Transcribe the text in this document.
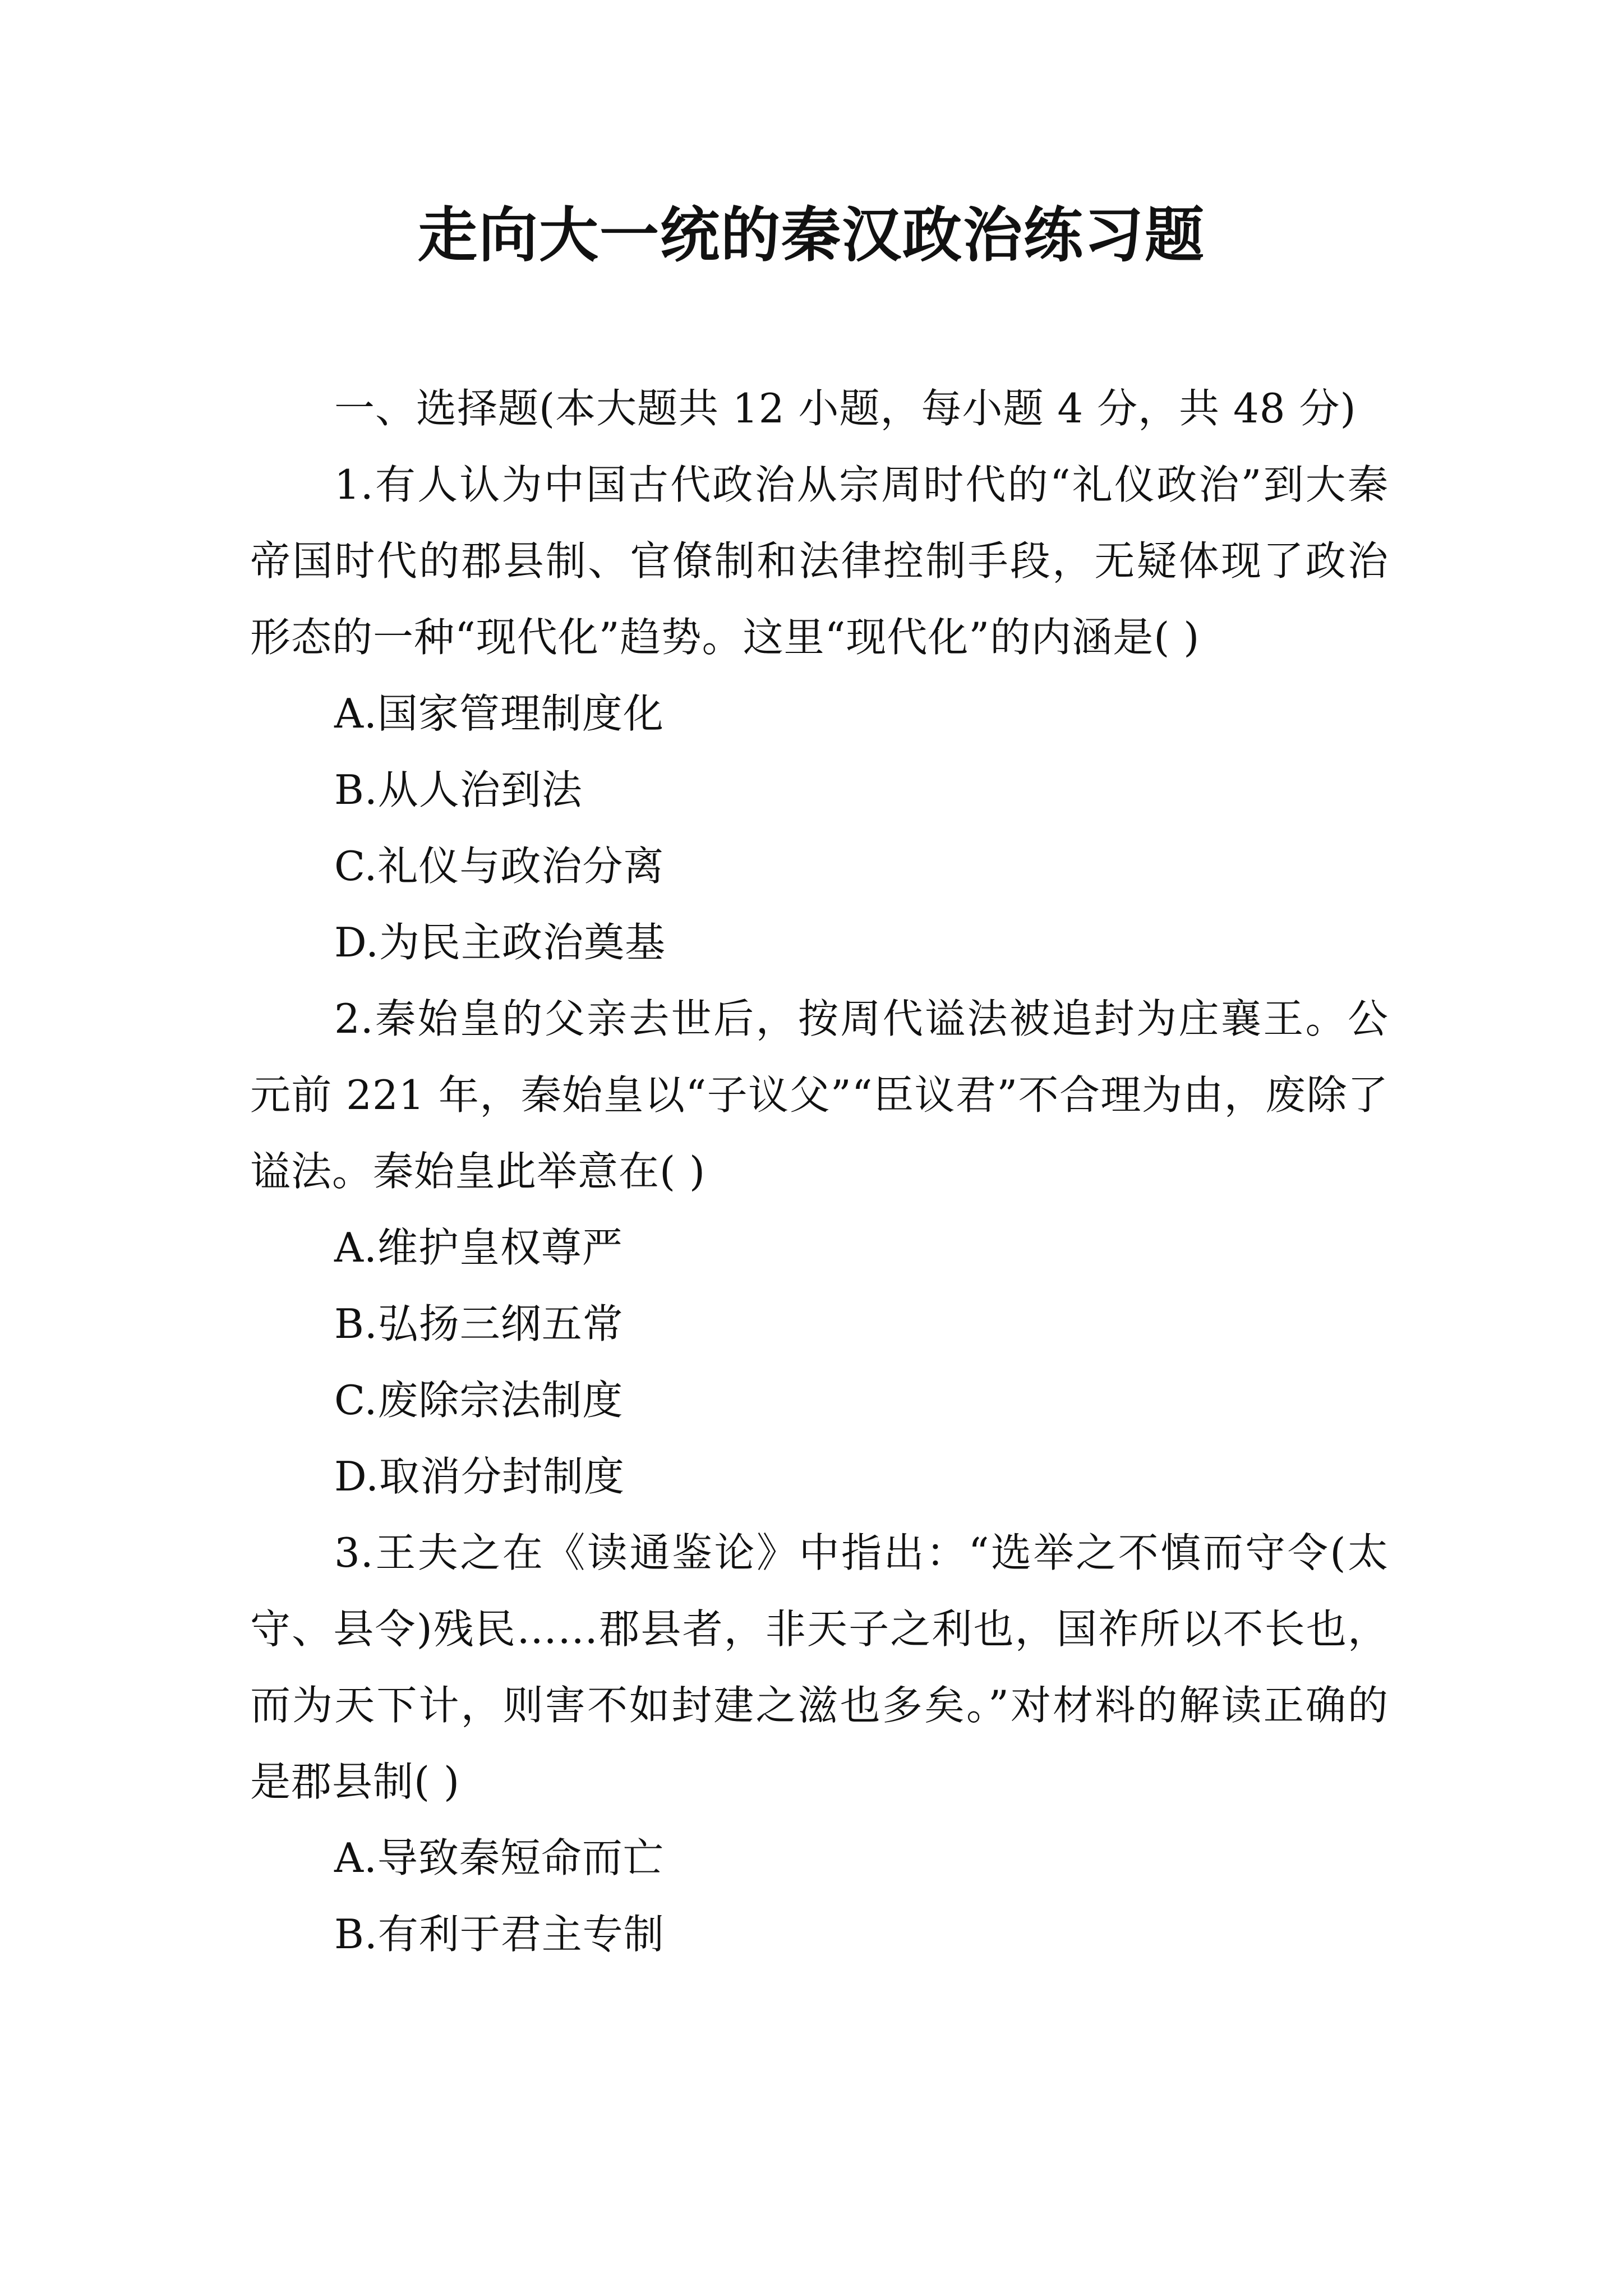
走向大一统的秦汉政治练习题

一、选择题(本大题共 12 小题，每小题 4 分，共 48 分)

1.有人认为中国古代政治从宗周时代的“礼仪政治”到大秦帝国时代的郡县制、官僚制和法律控制手段，无疑体现了政治形态的一种“现代化”趋势。这里“现代化”的内涵是( )

A.国家管理制度化

B.从人治到法

C.礼仪与政治分离

D.为民主政治奠基

2.秦始皇的父亲去世后，按周代谥法被追封为庄襄王。公元前 221 年，秦始皇以“子议父”“臣议君”不合理为由，废除了谥法。秦始皇此举意在( )

A.维护皇权尊严

B.弘扬三纲五常

C.废除宗法制度

D.取消分封制度

3.王夫之在《读通鉴论》中指出：“选举之不慎而守令(太守、县令)残民……郡县者，非天子之利也，国祚所以不长也，而为天下计，则害不如封建之滋也多矣。”对材料的解读正确的是郡县制( )

A.导致秦短命而亡

B.有利于君主专制
